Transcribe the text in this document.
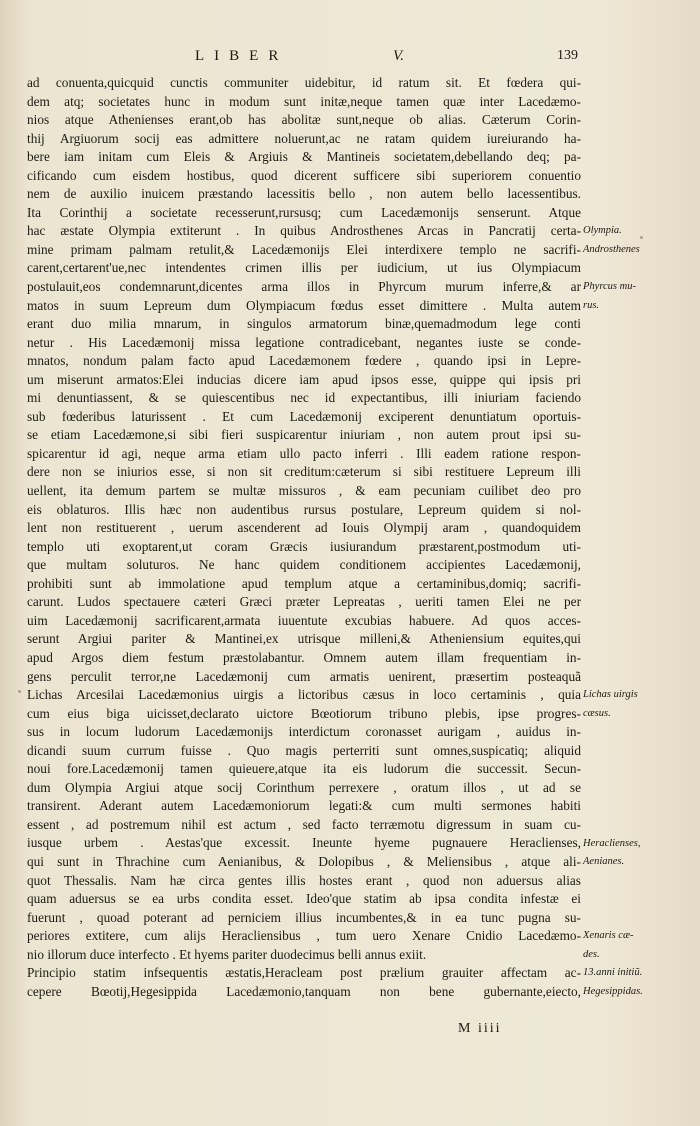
LIBER	V.	139
ad conuenta,quicquid cunctis communiter uidebitur, id ratum sit. Et fœdera qui-
dem atq; societates hunc in modum sunt initæ,neque tamen quæ inter Lacedæmo-
nios atque Athenienses erant,ob has abolitæ sunt,neque ob alias. Cæterum Corin-
thij Argiuorum socij eas admittere noluerunt,ac ne ratam quidem iureiurando ha-
bere iam initam cum Eleis & Argiuis & Mantineis societatem,debellando deq; pa-
cificando cum eisdem hostibus, quod dicerent sufficere sibi superiorem conuentio
nem de auxilio inuicem præstando lacessitis bello , non autem bello lacessentibus.
Ita Corinthij a societate recesserunt,rursusq; cum Lacedæmonijs senserunt. Atque
hac æstate Olympia extiterunt . In quibus Androsthenes Arcas in Pancratij certa-
mine primam palmam retulit,& Lacedæmonijs Elei interdixere templo ne sacrifi-
carent,certarent'ue,nec intendentes crimen illis per iudicium, ut ius Olympiacum
postulauit,eos condemnarunt,dicentes arma illos in Phyrcum murum inferre,& ar
matos in suum Lepreum dum Olympiacum fœdus esset dimittere . Multa autem
erant duo milia mnarum, in singulos armatorum binæ,quemadmodum lege conti
netur . His Lacedæmonij missa legatione contradicebant, negantes iuste se conde-
mnatos, nondum palam facto apud Lacedæmonem fœdere , quando ipsi in Lepre-
um miserunt armatos:Elei inducias dicere iam apud ipsos esse, quippe qui ipsis pri
mi denuntiassent, & se quiescentibus nec id expectantibus, illi iniuriam faciendo
sub fœderibus laturissent . Et cum Lacedæmonij exciperent denuntiatum oportuis-
se etiam Lacedæmone,si sibi fieri suspicarentur iniuriam , non autem prout ipsi su-
spicarentur id agi, neque arma etiam ullo pacto inferri . Illi eadem ratione respon-
dere non se iniurios esse, si non sit creditum:cæterum si sibi restituere Lepreum illi
uellent, ita demum partem se multæ missuros , & eam pecuniam cuilibet deo pro
eis oblaturos. Illis hæc non audentibus rursus postulare, Lepreum quidem si nol-
lent non restituerent , uerum ascenderent ad Iouis Olympij aram , quandoquidem
templo uti exoptarent,ut coram Græcis iusiurandum præstarent,postmodum uti-
que multam soluturos. Ne hanc quidem conditionem accipientes Lacedæmonij,
prohibiti sunt ab immolatione apud templum atque a certaminibus,domiq; sacrifi-
carunt. Ludos spectauere cæteri Græci præter Lepreatas , ueriti tamen Elei ne per
uim Lacedæmonij sacrificarent,armata iuuentute excubias habuere. Ad quos acces-
serunt Argiui pariter & Mantinei,ex utrisque milleni,& Atheniensium equites,qui
apud Argos diem festum præstolabantur. Omnem autem illam frequentiam in-
gens perculit terror,ne Lacedæmonij cum armatis uenirent, præsertim posteaquã
Lichas Arcesilai Lacedæmonius uirgis a lictoribus cæsus in loco certaminis , quia
cum eius biga uicisset,declarato uictore Bœotiorum tribuno plebis, ipse progres-
sus in locum ludorum Lacedæmonijs interdictum coronasset aurigam , auidus in-
dicandi suum currum fuisse . Quo magis perterriti sunt omnes,suspicatiq; aliquid
noui fore.Lacedæmonij tamen quieuere,atque ita eis ludorum die successit. Secun-
dum Olympia Argiui atque socij Corinthum perrexere , oratum illos , ut ad se
transirent. Aderant autem Lacedæmoniorum legati:& cum multi sermones habiti
essent , ad postremum nihil est actum , sed facto terræmotu digressum in suam cu-
iusque urbem . Aestas'que excessit. Ineunte hyeme pugnauere Heraclienses,
qui sunt in Thrachine cum Aenianibus, & Dolopibus , & Meliensibus , atque ali-
quot Thessalis. Nam hæ circa gentes illis hostes erant , quod non aduersus alias
quam aduersus se ea urbs condita esset. Ideo'que statim ab ipsa condita infestæ ei
fuerunt , quoad poterant ad perniciem illius incumbentes,& in ea tunc pugna su-
periores extitere, cum alijs Heracliensibus , tum uero Xenare Cnidio Lacedæmo-
nio illorum duce interfecto . Et hyems pariter duodecimus belli annus exiit.
Principio statim infsequentis æstatis,Heracleam post prælium grauiter affectam ac-
cepere Bœotij,Hegesippida Lacedæmonio,tanquam non bene gubernante,eiecto,
Olympia.
Androsthenes
Phyrcus mu-
rus.
Lichas uirgis
cæsus.
Heraclienses,
Aenianes.
Xenaris cæ-
des.
13.anni initiũ.
Hegesippidas.
M iiii
